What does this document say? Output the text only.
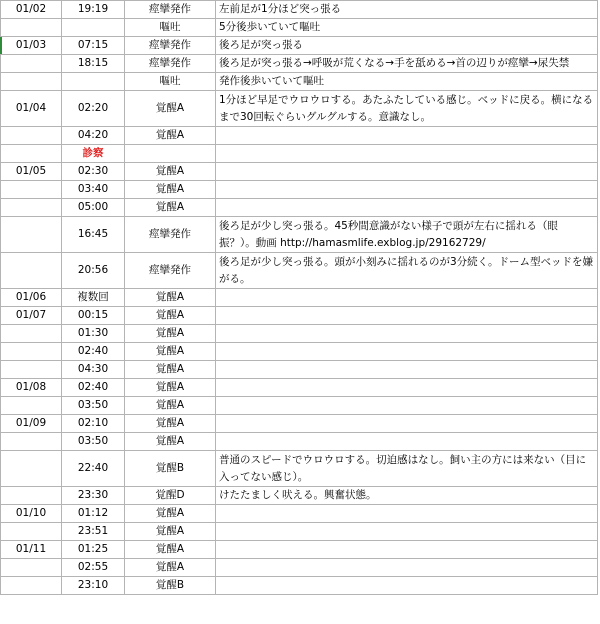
01/02	19:19	痙攣発作	左前足が1分ほど突っ張る
		嘔吐	5分後歩いていて嘔吐
01/03	07:15	痙攣発作	後ろ足が突っ張る
	18:15	痙攣発作	後ろ足が突っ張る→呼吸が荒くなる→手を舐める→首の辺りが痙攣→尿失禁
		嘔吐	発作後歩いていて嘔吐
01/04	02:20	覚醒A	1分ほど早足でウロウロする。あたふたしている感じ。ベッドに戻る。横になるまで30回転ぐらいグルグルする。意識なし。
	04:20	覚醒A	
	診察		
01/05	02:30	覚醒A	
	03:40	覚醒A	
	05:00	覚醒A	
	16:45	痙攣発作	後ろ足が少し突っ張る。45秒間意識がない様子で頭が左右に揺れる（眼振？）。動画 http://hamasmlife.exblog.jp/29162729/
	20:56	痙攣発作	後ろ足が少し突っ張る。頭が小刻みに揺れるのが3分続く。ドーム型ベッドを嫌がる。
01/06	複数回	覚醒A	
01/07	00:15	覚醒A	
	01:30	覚醒A	
	02:40	覚醒A	
	04:30	覚醒A	
01/08	02:40	覚醒A	
	03:50	覚醒A	
01/09	02:10	覚醒A	
	03:50	覚醒A	
	22:40	覚醒B	普通のスピードでウロウロする。切迫感はなし。飼い主の方には来ない（目に入ってない感じ）。
	23:30	覚醒D	けたたましく吠える。興奮状態。
01/10	01:12	覚醒A	
	23:51	覚醒A	
01/11	01:25	覚醒A	
	02:55	覚醒A	
	23:10	覚醒B	
